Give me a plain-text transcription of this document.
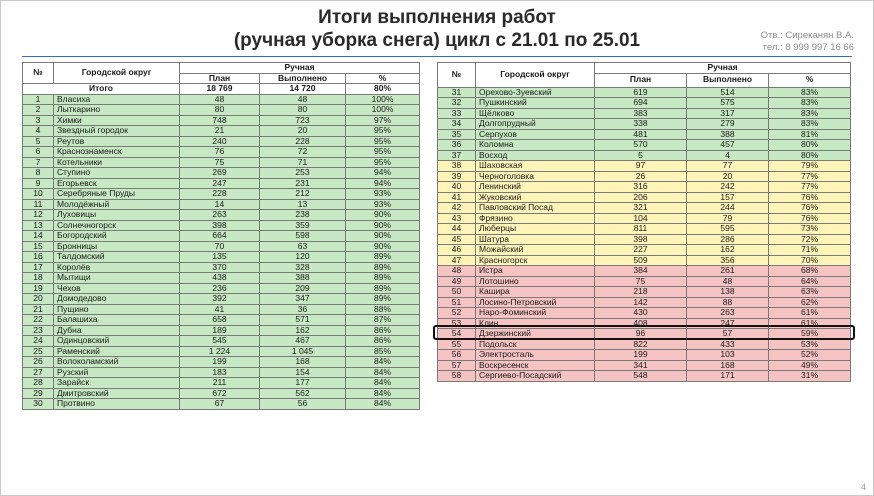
Итоги выполнения работ
(ручная уборка снега) цикл с 21.01 по 25.01	Отв.: Сиреканян В.А.
тел.: 8 999 997 16 66
№	Городской округ	Ручная		
		План	Выполнено	%
Итого		18 769	14 720	80%
1	Власиха	48	48	100%
2	Лыткарино	80	80	100%
3	Химки	748	723	97%
4	Звездный городок	21	20	95%
5	Реутов	240	228	95%
6	Краснознаменск	76	72	95%
7	Котельники	75	71	95%
8	Ступино	269	253	94%
9	Егорьевск	247	231	94%
10	Серебряные Пруды	228	212	93%
11	Молодёжный	14	13	93%
12	Луховицы	263	238	90%
13	Солнечногорск	398	359	90%
14	Богородский	664	598	90%
15	Бронницы	70	63	90%
16	Талдомский	135	120	89%
17	Королёв	370	328	89%
18	Мытищи	438	388	89%
19	Чехов	236	209	89%
20	Домодедово	392	347	89%
21	Пущино	41	36	88%
22	Балашиха	658	571	87%
23	Дубна	189	162	86%
24	Одинцовский	545	467	86%
25	Раменский	1 224	1 045	85%
26	Волоколамский	199	168	84%
27	Рузский	183	154	84%
28	Зарайск	211	177	84%
29	Дмитровский	672	562	84%
30	Протвино	67	56	84%
№	Городской округ	Ручная		
		План	Выполнено	%
31	Орехово-Зуевский	619	514	83%
32	Пушкинский	694	575	83%
33	Щёлково	383	317	83%
34	Долгопрудный	338	279	83%
35	Серпухов	481	388	81%
36	Коломна	570	457	80%
37	Восход	5	4	80%
38	Шаховская	97	77	79%
39	Черноголовка	26	20	77%
40	Ленинский	316	242	77%
41	Жуковский	206	157	76%
42	Павловский Посад	321	244	76%
43	Фрязино	104	79	76%
44	Люберцы	811	595	73%
45	Шатура	398	286	72%
46	Можайский	227	162	71%
47	Красногорск	509	356	70%
48	Истра	384	261	68%
49	Лотошино	75	48	64%
50	Кашира	218	138	63%
51	Лосино-Петровский	142	88	62%
52	Наро-Фоминский	430	263	61%
53	Клин	408	247	61%
54	Дзержинский	96	57	59%
55	Подольск	822	433	53%
56	Электросталь	199	103	52%
57	Воскресенск	341	168	49%
58	Сергиево-Посадский	548	171	31%
4
